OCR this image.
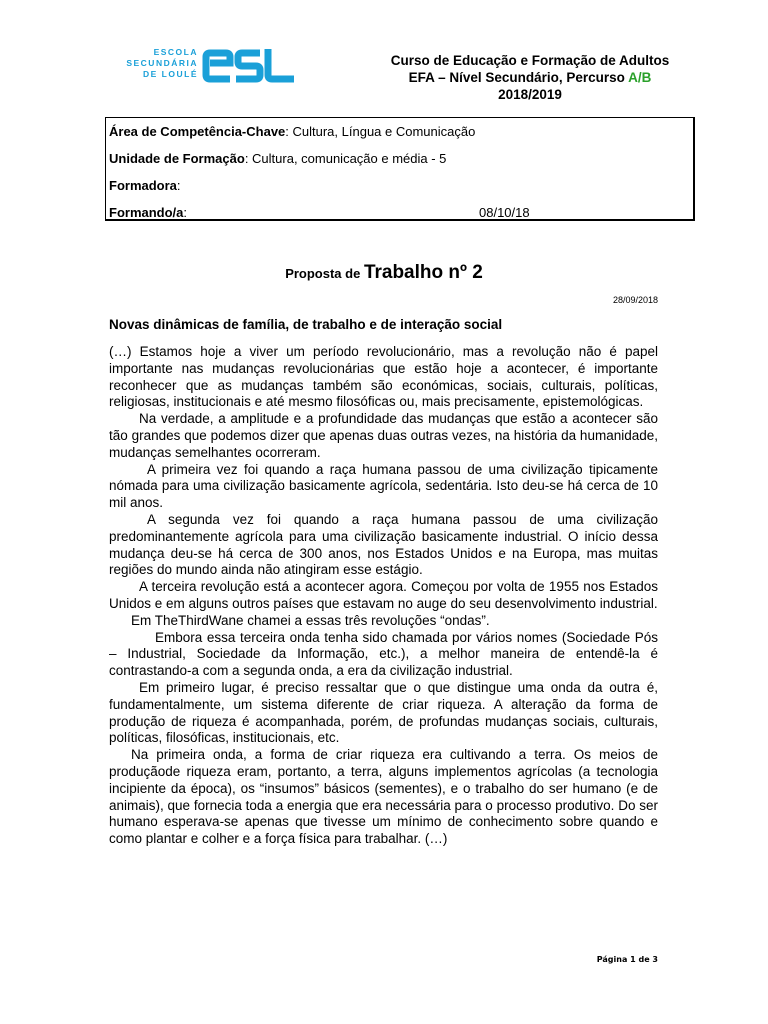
ESCOLA
SECUNDÁRIA
DE LOULÉ
esl
Curso de Educação e Formação de Adultos
EFA – Nível Secundário, Percurso A/B
2018/2019
Área de Competência-Chave: Cultura, Língua e Comunicação
Unidade de Formação: Cultura, comunicação e média - 5
Formadora:
Formando/a:	08/10/18
Proposta de Trabalho nº 2
28/09/2018
Novas dinâmicas de família, de trabalho e de interação social

(…) Estamos hoje a viver um período revolucionário, mas a revolução não é papel importante nas mudanças revolucionárias que estão hoje a acontecer, é importante reconhecer que as mudanças também são económicas, sociais, culturais, políticas, religiosas, institucionais e até mesmo filosóficas ou, mais precisamente, epistemológicas.

Na verdade, a amplitude e a profundidade das mudanças que estão a acontecer são tão grandes que podemos dizer que apenas duas outras vezes, na história da humanidade, mudanças semelhantes ocorreram.

A primeira vez foi quando a raça humana passou de uma civilização tipicamente nómada para uma civilização basicamente agrícola, sedentária. Isto deu-se há cerca de 10 mil anos.

A segunda vez foi quando a raça humana passou de uma civilização predominantemente agrícola para uma civilização basicamente industrial. O início dessa mudança deu-se há cerca de 300 anos, nos Estados Unidos e na Europa, mas muitas regiões do mundo ainda não atingiram esse estágio.

A terceira revolução está a acontecer agora. Começou por volta de 1955 nos Estados Unidos e em alguns outros países que estavam no auge do seu desenvolvimento industrial.

Em TheThirdWane chamei a essas três revoluções “ondas”.

Embora essa terceira onda tenha sido chamada por vários nomes (Sociedade Pós – Industrial, Sociedade da Informação, etc.), a melhor maneira de entendê-la é contrastando-a com a segunda onda, a era da civilização industrial.

Em primeiro lugar, é preciso ressaltar que o que distingue uma onda da outra é, fundamentalmente, um sistema diferente de criar riqueza. A alteração da forma de produção de riqueza é acompanhada, porém, de profundas mudanças sociais, culturais, políticas, filosóficas, institucionais, etc.

Na primeira onda, a forma de criar riqueza era cultivando a terra. Os meios de produçãode riqueza eram, portanto, a terra, alguns implementos agrícolas (a tecnologia incipiente da época), os “insumos” básicos (sementes), e o trabalho do ser humano (e de animais), que fornecia toda a energia que era necessária para o processo produtivo. Do ser humano esperava-se apenas que tivesse um mínimo de conhecimento sobre quando e como plantar e colher e a força física para trabalhar. (…)

Página 1 de 3
